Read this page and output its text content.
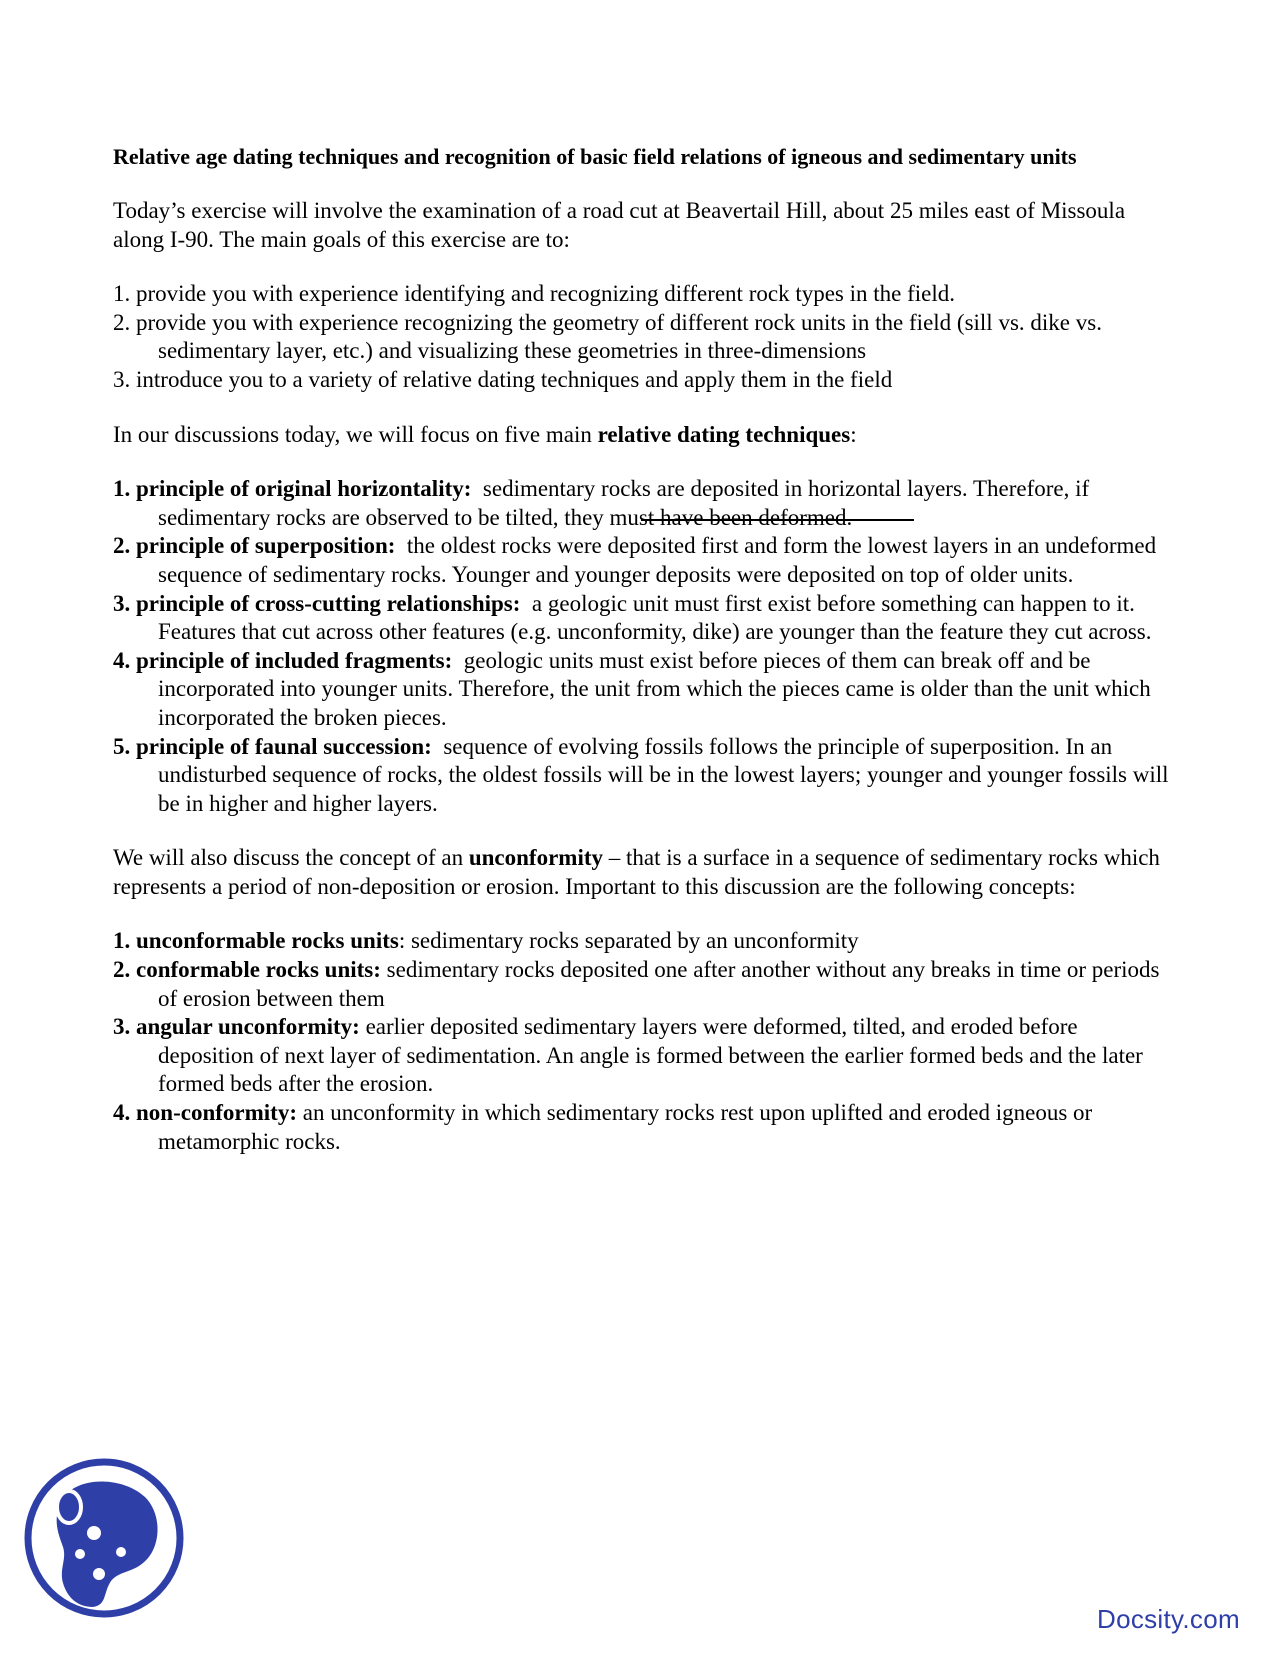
Relative age dating techniques and recognition of basic field relations of igneous and sedimentary units

Today’s exercise will involve the examination of a road cut at Beavertail Hill, about 25 miles east of Missoula along I-90. The main goals of this exercise are to:

1. provide you with experience identifying and recognizing different rock types in the field.
2. provide you with experience recognizing the geometry of different rock units in the field (sill vs. dike vs. sedimentary layer, etc.) and visualizing these geometries in three-dimensions
3. introduce you to a variety of relative dating techniques and apply them in the field

In our discussions today, we will focus on five main relative dating techniques:

1. principle of original horizontality: sedimentary rocks are deposited in horizontal layers. Therefore, if sedimentary rocks are observed to be tilted, they must have been deformed.
2. principle of superposition: the oldest rocks were deposited first and form the lowest layers in an undeformed sequence of sedimentary rocks. Younger and younger deposits were deposited on top of older units.
3. principle of cross-cutting relationships: a geologic unit must first exist before something can happen to it. Features that cut across other features (e.g. unconformity, dike) are younger than the feature they cut across.
4. principle of included fragments: geologic units must exist before pieces of them can break off and be incorporated into younger units. Therefore, the unit from which the pieces came is older than the unit which incorporated the broken pieces.
5. principle of faunal succession: sequence of evolving fossils follows the principle of superposition. In an undisturbed sequence of rocks, the oldest fossils will be in the lowest layers; younger and younger fossils will be in higher and higher layers.

We will also discuss the concept of an unconformity – that is a surface in a sequence of sedimentary rocks which represents a period of non-deposition or erosion. Important to this discussion are the following concepts:

1. unconformable rocks units: sedimentary rocks separated by an unconformity
2. conformable rocks units: sedimentary rocks deposited one after another without any breaks in time or periods of erosion between them
3. angular unconformity: earlier deposited sedimentary layers were deformed, tilted, and eroded before deposition of next layer of sedimentation. An angle is formed between the earlier formed beds and the later formed beds after the erosion.
4. non-conformity: an unconformity in which sedimentary rocks rest upon uplifted and eroded igneous or metamorphic rocks.
Docsity.com
